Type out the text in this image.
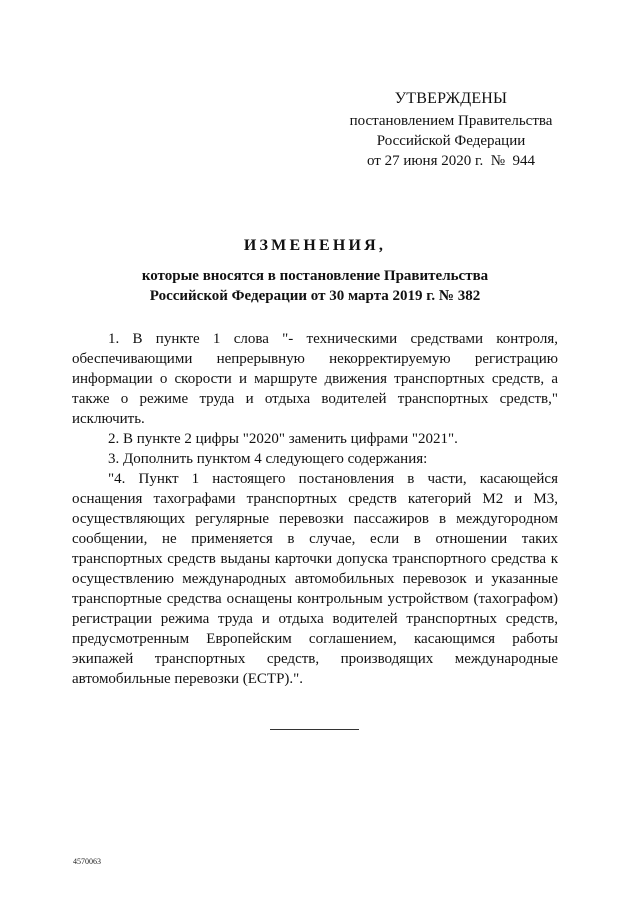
УТВЕРЖДЕНЫ
постановлением Правительства
Российской Федерации
от 27 июня 2020 г.  №  944
ИЗМЕНЕНИЯ,
которые вносятся в постановление Правительства
Российской Федерации от 30 марта 2019 г. № 382

1. В пункте 1 слова "- техническими средствами контроля, обеспечивающими непрерывную некорректируемую регистрацию информации о скорости и маршруте движения транспортных средств, а также о режиме труда и отдыха водителей транспортных средств," исключить.

2. В пункте 2 цифры "2020" заменить цифрами "2021".

3. Дополнить пунктом 4 следующего содержания:

"4. Пункт 1 настоящего постановления в части, касающейся оснащения тахографами транспортных средств категорий М2 и М3, осуществляющих регулярные перевозки пассажиров в междугородном сообщении, не применяется в случае, если в отношении таких транспортных средств выданы карточки допуска транспортного средства к осуществлению международных автомобильных перевозок и указанные транспортные средства оснащены контрольным устройством (тахографом) регистрации режима труда и отдыха водителей транспортных средств, предусмотренным Европейским соглашением, касающимся работы экипажей транспортных средств, производящих международные автомобильные перевозки (ЕСТР).".

4570063
